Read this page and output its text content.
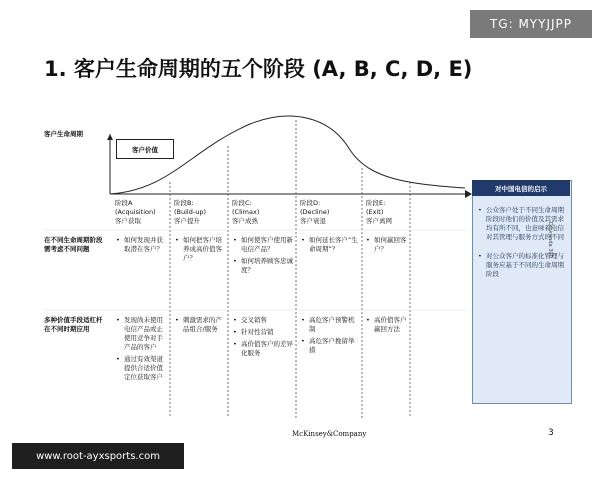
TG: MYYJJPP
1. 客户生命周期的五个阶段 (A, B, C, D, E)
客户生命周期
客户价值
阶段A
(Acquisition)
客户获取
阶段B:
(Build-up)
客户提升
阶段C:
(Climax)
客户成熟
阶段D:
(Decline)
客户衰退
阶段E:
(Exit)
客户离网
在不同生命周期阶段需考虑不同问题
多种价值手段适杠杆在不同时期应用
• 如何发现并获取潜在客户？
• 如何把客户培养成高价值客户？
• 如何使客户使用新电信产品？
• 如何培养顾客忠诚度？
• 如何延长客户“生命周期”？
• 如何赢回客户？
• 发现尚未使用电信产品或止使用竞争对手产品的客户
• 通过有效渠道提供合适价值定位获取客户
• 刺激需求的产品组合/服务
• 交叉销售
• 针对性营销
• 高价值客户的差异化服务
• 高危客户预警机制
• 高危客户挽留举措
• 高价值客户赢回方法
对中国电信的启示
• 公众客户处于不同生命周期阶段时他们的价值及其需求均有所不同，也意味着电信对其管理与服务方式的不同
• 对公众客户的标准化管理与服务应基于不同的生命周期阶段
Dmiranda 300
McKinsey&Company	3
www.root-ayxsports.com
